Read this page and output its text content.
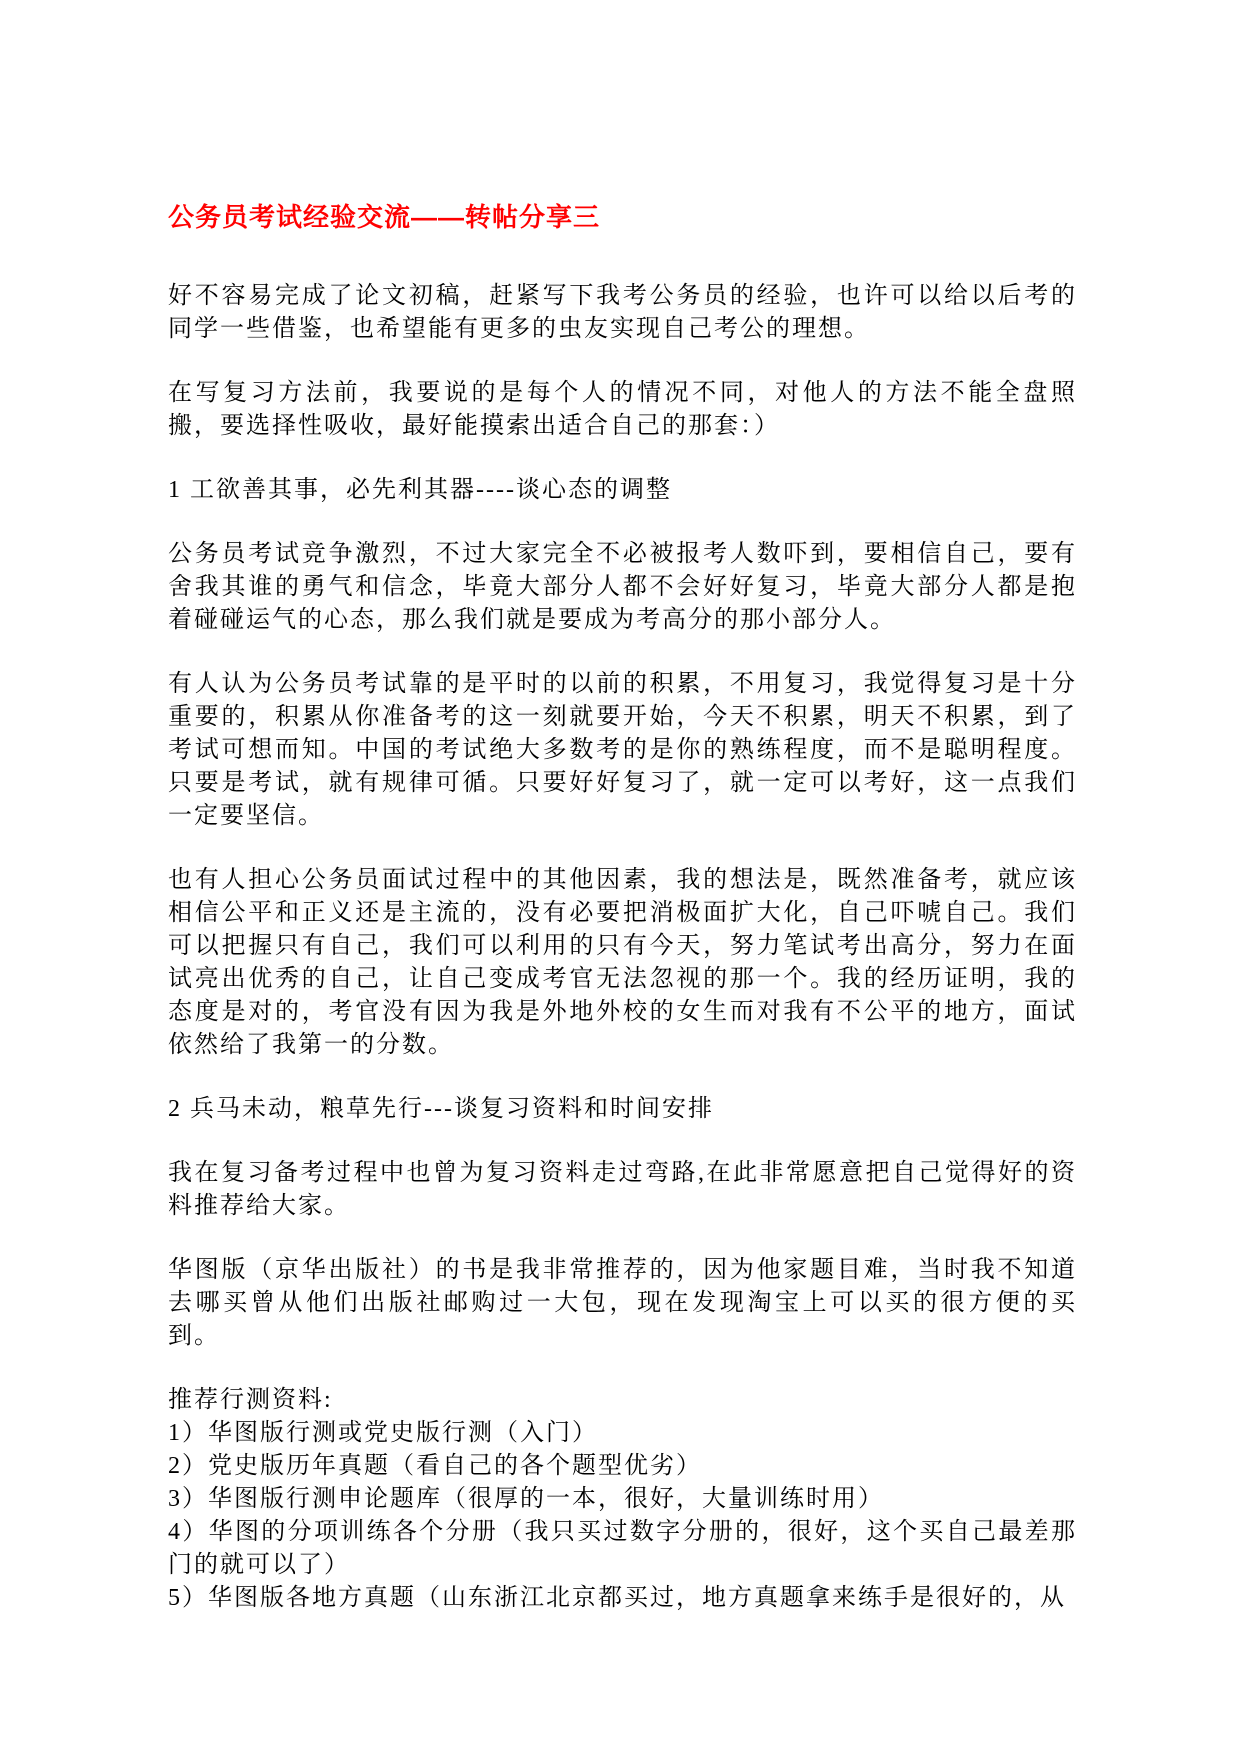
公务员考试经验交流——转帖分享三

好不容易完成了论文初稿，赶紧写下我考公务员的经验，也许可以给以后考的同学一些借鉴，也希望能有更多的虫友实现自己考公的理想。

在写复习方法前，我要说的是每个人的情况不同，对他人的方法不能全盘照搬，要选择性吸收，最好能摸索出适合自己的那套：）

1 工欲善其事，必先利其器----谈心态的调整

公务员考试竞争激烈，不过大家完全不必被报考人数吓到，要相信自己，要有舍我其谁的勇气和信念，毕竟大部分人都不会好好复习，毕竟大部分人都是抱着碰碰运气的心态，那么我们就是要成为考高分的那小部分人。

有人认为公务员考试靠的是平时的以前的积累，不用复习，我觉得复习是十分重要的，积累从你准备考的这一刻就要开始，今天不积累，明天不积累，到了考试可想而知。中国的考试绝大多数考的是你的熟练程度，而不是聪明程度。只要是考试，就有规律可循。只要好好复习了，就一定可以考好，这一点我们一定要坚信。

也有人担心公务员面试过程中的其他因素，我的想法是，既然准备考，就应该相信公平和正义还是主流的，没有必要把消极面扩大化，自己吓唬自己。我们可以把握只有自己，我们可以利用的只有今天，努力笔试考出高分，努力在面试亮出优秀的自己，让自己变成考官无法忽视的那一个。我的经历证明，我的态度是对的，考官没有因为我是外地外校的女生而对我有不公平的地方，面试依然给了我第一的分数。

2 兵马未动，粮草先行---谈复习资料和时间安排

我在复习备考过程中也曾为复习资料走过弯路,在此非常愿意把自己觉得好的资料推荐给大家。

华图版（京华出版社）的书是我非常推荐的，因为他家题目难，当时我不知道去哪买曾从他们出版社邮购过一大包，现在发现淘宝上可以买的很方便的买到。

推荐行测资料:

1）华图版行测或党史版行测（入门）

2）党史版历年真题（看自己的各个题型优劣）

3）华图版行测申论题库（很厚的一本，很好，大量训练时用）

4）华图的分项训练各个分册（我只买过数字分册的，很好，这个买自己最差那门的就可以了）

5）华图版各地方真题（山东浙江北京都买过，地方真题拿来练手是很好的，从
